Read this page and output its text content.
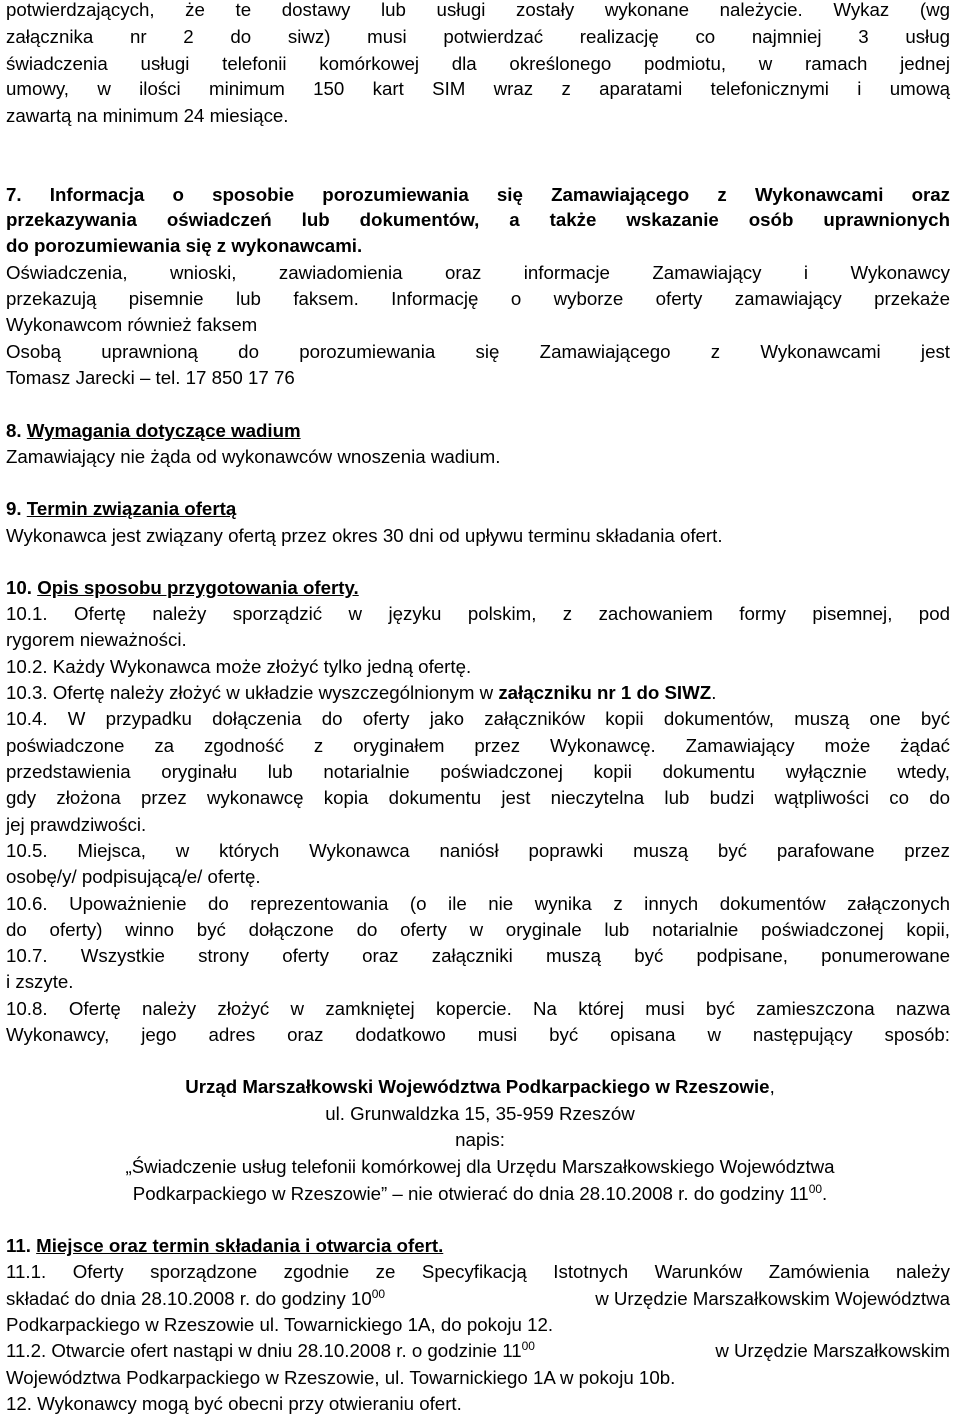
potwierdzających, że te dostawy lub usługi zostały wykonane należycie. Wykaz (wg
załącznika nr 2 do siwz) musi potwierdzać realizację co najmniej 3 usług
świadczenia usługi telefonii komórkowej dla określonego podmiotu, w ramach jednej
umowy, w ilości minimum 150 kart SIM wraz z aparatami telefonicznymi i umową
zawartą na minimum 24 miesiące.
7. Informacja o sposobie porozumiewania się Zamawiającego z Wykonawcami oraz
przekazywania oświadczeń lub dokumentów, a także wskazanie osób uprawnionych
do porozumiewania się z wykonawcami.
Oświadczenia, wnioski, zawiadomienia oraz informacje Zamawiający i Wykonawcy
przekazują pisemnie lub faksem. Informację o wyborze oferty zamawiający przekaże
Wykonawcom również faksem
Osobą uprawnioną do porozumiewania się Zamawiającego z Wykonawcami jest
Tomasz Jarecki – tel. 17 850 17 76
8. Wymagania dotyczące wadium
Zamawiający nie żąda od wykonawców wnoszenia wadium.
9. Termin związania ofertą
Wykonawca jest związany ofertą przez okres 30 dni od upływu terminu składania ofert.
10. Opis sposobu przygotowania oferty.
10.1. Ofertę należy sporządzić w języku polskim, z zachowaniem formy pisemnej, pod
rygorem nieważności.
10.2. Każdy Wykonawca może złożyć tylko jedną ofertę.
10.3. Ofertę należy złożyć w układzie wyszczególnionym w załączniku nr 1 do SIWZ.
10.4. W przypadku dołączenia do oferty jako załączników kopii dokumentów, muszą one być
poświadczone za zgodność z oryginałem przez Wykonawcę. Zamawiający może żądać
przedstawienia oryginału lub notarialnie poświadczonej kopii dokumentu wyłącznie wtedy,
gdy złożona przez wykonawcę kopia dokumentu jest nieczytelna lub budzi wątpliwości co do
jej prawdziwości.
10.5. Miejsca, w których Wykonawca naniósł poprawki muszą być parafowane przez
osobę/y/ podpisującą/e/ ofertę.
10.6. Upoważnienie do reprezentowania (o ile nie wynika z innych dokumentów załączonych
do oferty) winno być dołączone do oferty w oryginale lub notarialnie poświadczonej kopii,
10.7. Wszystkie strony oferty oraz załączniki muszą być podpisane, ponumerowane
i zszyte.
10.8. Ofertę należy złożyć w zamkniętej kopercie. Na której musi być zamieszczona nazwa
Wykonawcy, jego adres oraz dodatkowo musi być opisana w następujący sposób:
Urząd Marszałkowski Województwa Podkarpackiego w Rzeszowie,
ul. Grunwaldzka 15, 35-959 Rzeszów
napis:
„Świadczenie usług telefonii komórkowej dla Urzędu Marszałkowskiego Województwa
Podkarpackiego w Rzeszowie” – nie otwierać do dnia 28.10.2008 r. do godziny $11^{00}$.
11. Miejsce oraz termin składania i otwarcia ofert.
11.1. Oferty sporządzone zgodnie ze Specyfikacją Istotnych Warunków Zamówienia należy
składać do dnia 28.10.2008 r. do godziny $10^{00}$	w Urzędzie Marszałkowskim Województwa
Podkarpackiego w Rzeszowie ul. Towarnickiego 1A, do pokoju 12.
11.2. Otwarcie ofert nastąpi w dniu 28.10.2008 r. o godzinie $11^{00}$	w Urzędzie Marszałkowskim
Województwa Podkarpackiego w Rzeszowie, ul. Towarnickiego 1A w pokoju 10b.
12. Wykonawcy mogą być obecni przy otwieraniu ofert.
